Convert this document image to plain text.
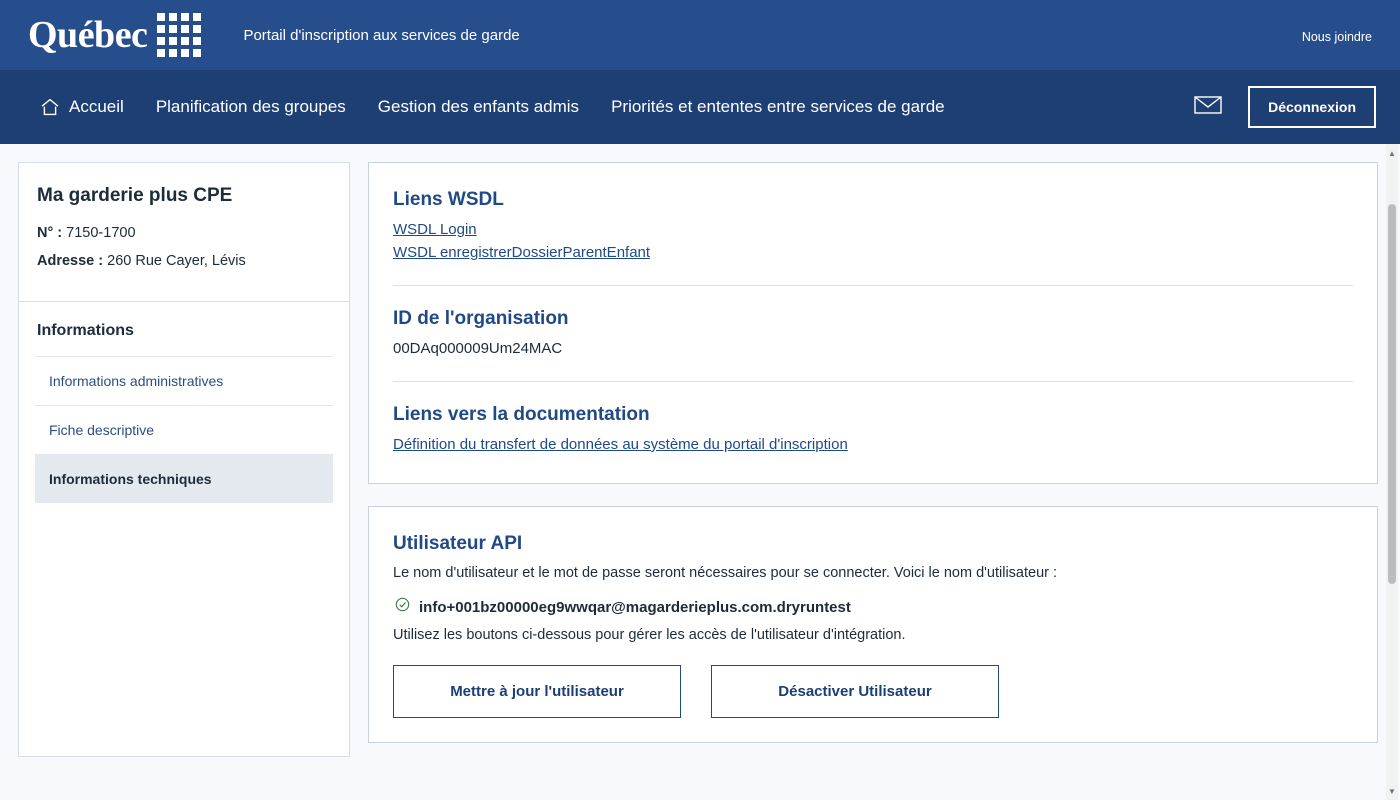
Québec	Portail d'inscription aux services de garde	Nous joindre
Accueil Planification des groupes Gestion des enfants admis Priorités et ententes entre services de garde	Déconnexion
Ma garderie plus CPE

N° : 7150-1700

Adresse : 260 Rue Cayer, Lévis

Informations
Informations administratives
Fiche descriptive
Informations techniques
Liens WSDL
WSDL Login
WSDL enregistrerDossierParentEnfant
ID de l'organisation

00DAq000009Um24MAC

Liens vers la documentation
Définition du transfert de données au système du portail d'inscription
Utilisateur API

Le nom d'utilisateur et le mot de passe seront nécessaires pour se connecter. Voici le nom d'utilisateur :

info+001bz00000eg9wwqar@magarderieplus.com.dryruntest

Utilisez les boutons ci-dessous pour gérer les accès de l'utilisateur d'intégration.

Mettre à jour l'utilisateur	Désactiver Utilisateur
▲
▼
